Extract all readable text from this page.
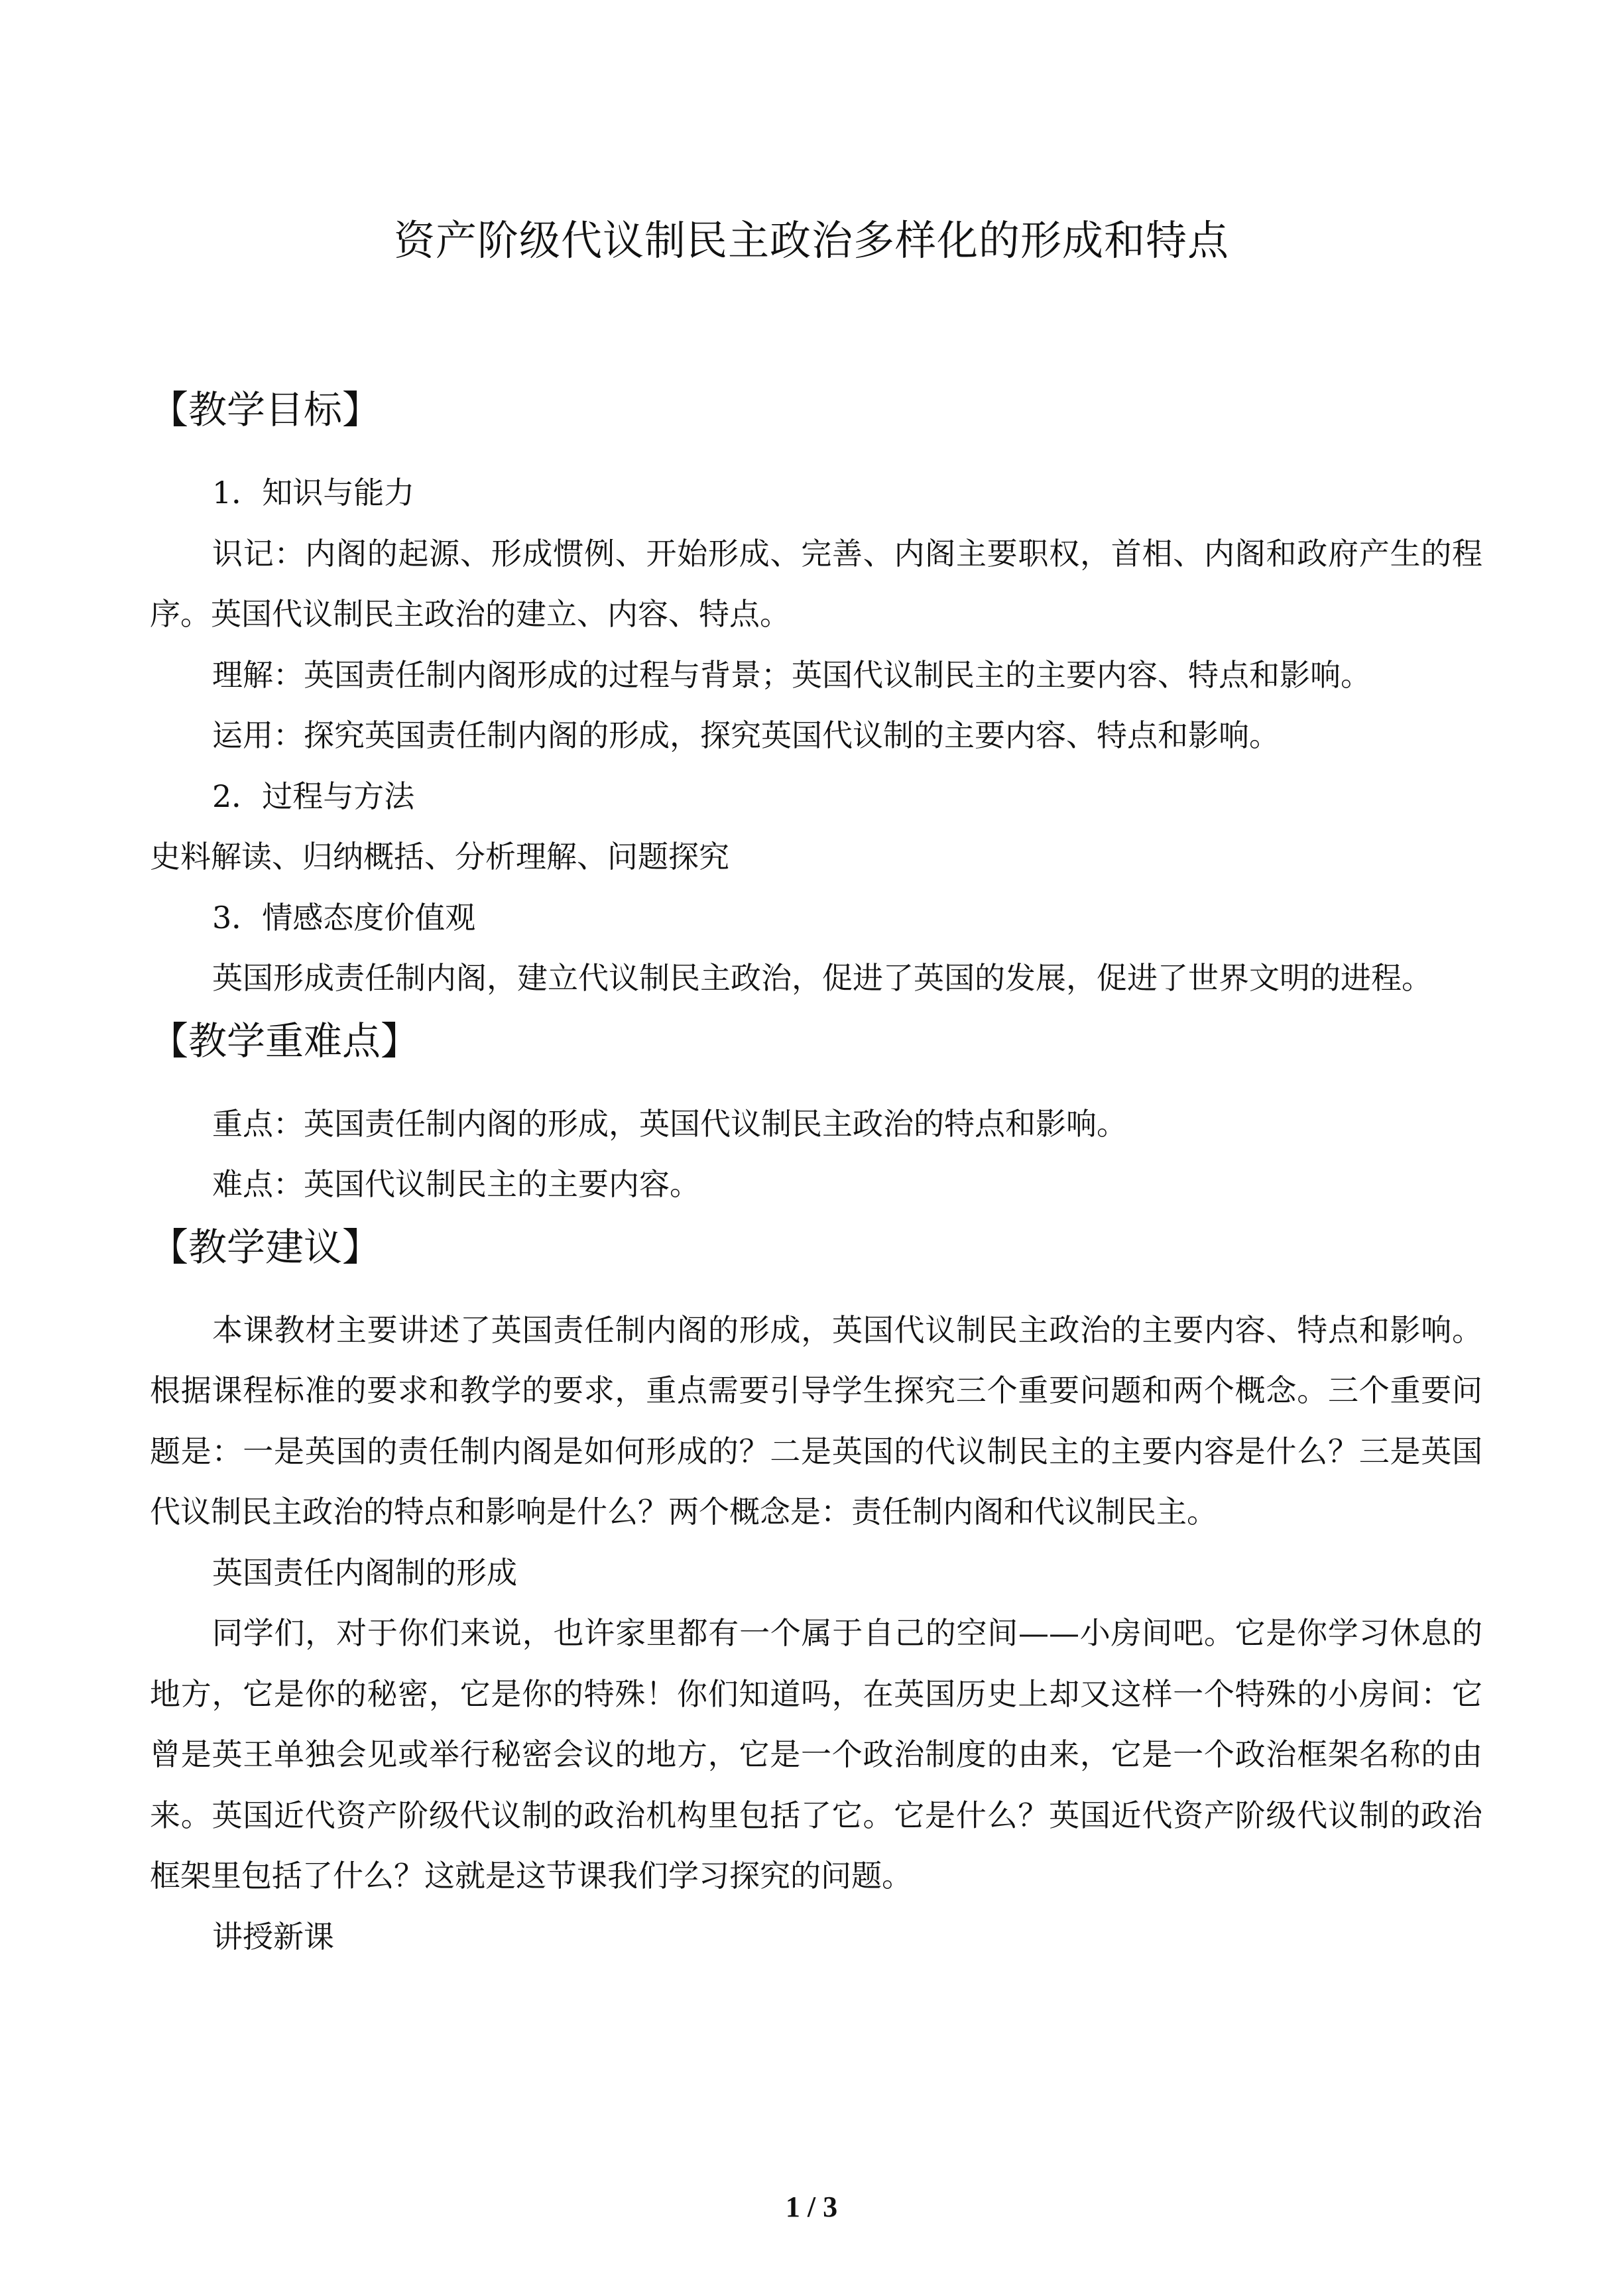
资产阶级代议制民主政治多样化的形成和特点
【教学目标】

1．知识与能力

识记：内阁的起源、形成惯例、开始形成、完善、内阁主要职权，首相、内阁和政府产生的程序。英国代议制民主政治的建立、内容、特点。

理解：英国责任制内阁形成的过程与背景；英国代议制民主的主要内容、特点和影响。

运用：探究英国责任制内阁的形成，探究英国代议制的主要内容、特点和影响。

2．过程与方法

史料解读、归纳概括、分析理解、问题探究

3．情感态度价值观

英国形成责任制内阁，建立代议制民主政治，促进了英国的发展，促进了世界文明的进程。

【教学重难点】

重点：英国责任制内阁的形成，英国代议制民主政治的特点和影响。

难点：英国代议制民主的主要内容。

【教学建议】

本课教材主要讲述了英国责任制内阁的形成，英国代议制民主政治的主要内容、特点和影响。根据课程标准的要求和教学的要求，重点需要引导学生探究三个重要问题和两个概念。三个重要问题是：一是英国的责任制内阁是如何形成的？二是英国的代议制民主的主要内容是什么？三是英国代议制民主政治的特点和影响是什么？两个概念是：责任制内阁和代议制民主。

英国责任内阁制的形成

同学们，对于你们来说，也许家里都有一个属于自己的空间——小房间吧。它是你学习休息的地方，它是你的秘密，它是你的特殊！你们知道吗，在英国历史上却又这样一个特殊的小房间：它曾是英王单独会见或举行秘密会议的地方，它是一个政治制度的由来，它是一个政治框架名称的由来。英国近代资产阶级代议制的政治机构里包括了它。它是什么？英国近代资产阶级代议制的政治框架里包括了什么？这就是这节课我们学习探究的问题。

讲授新课

1 / 3
